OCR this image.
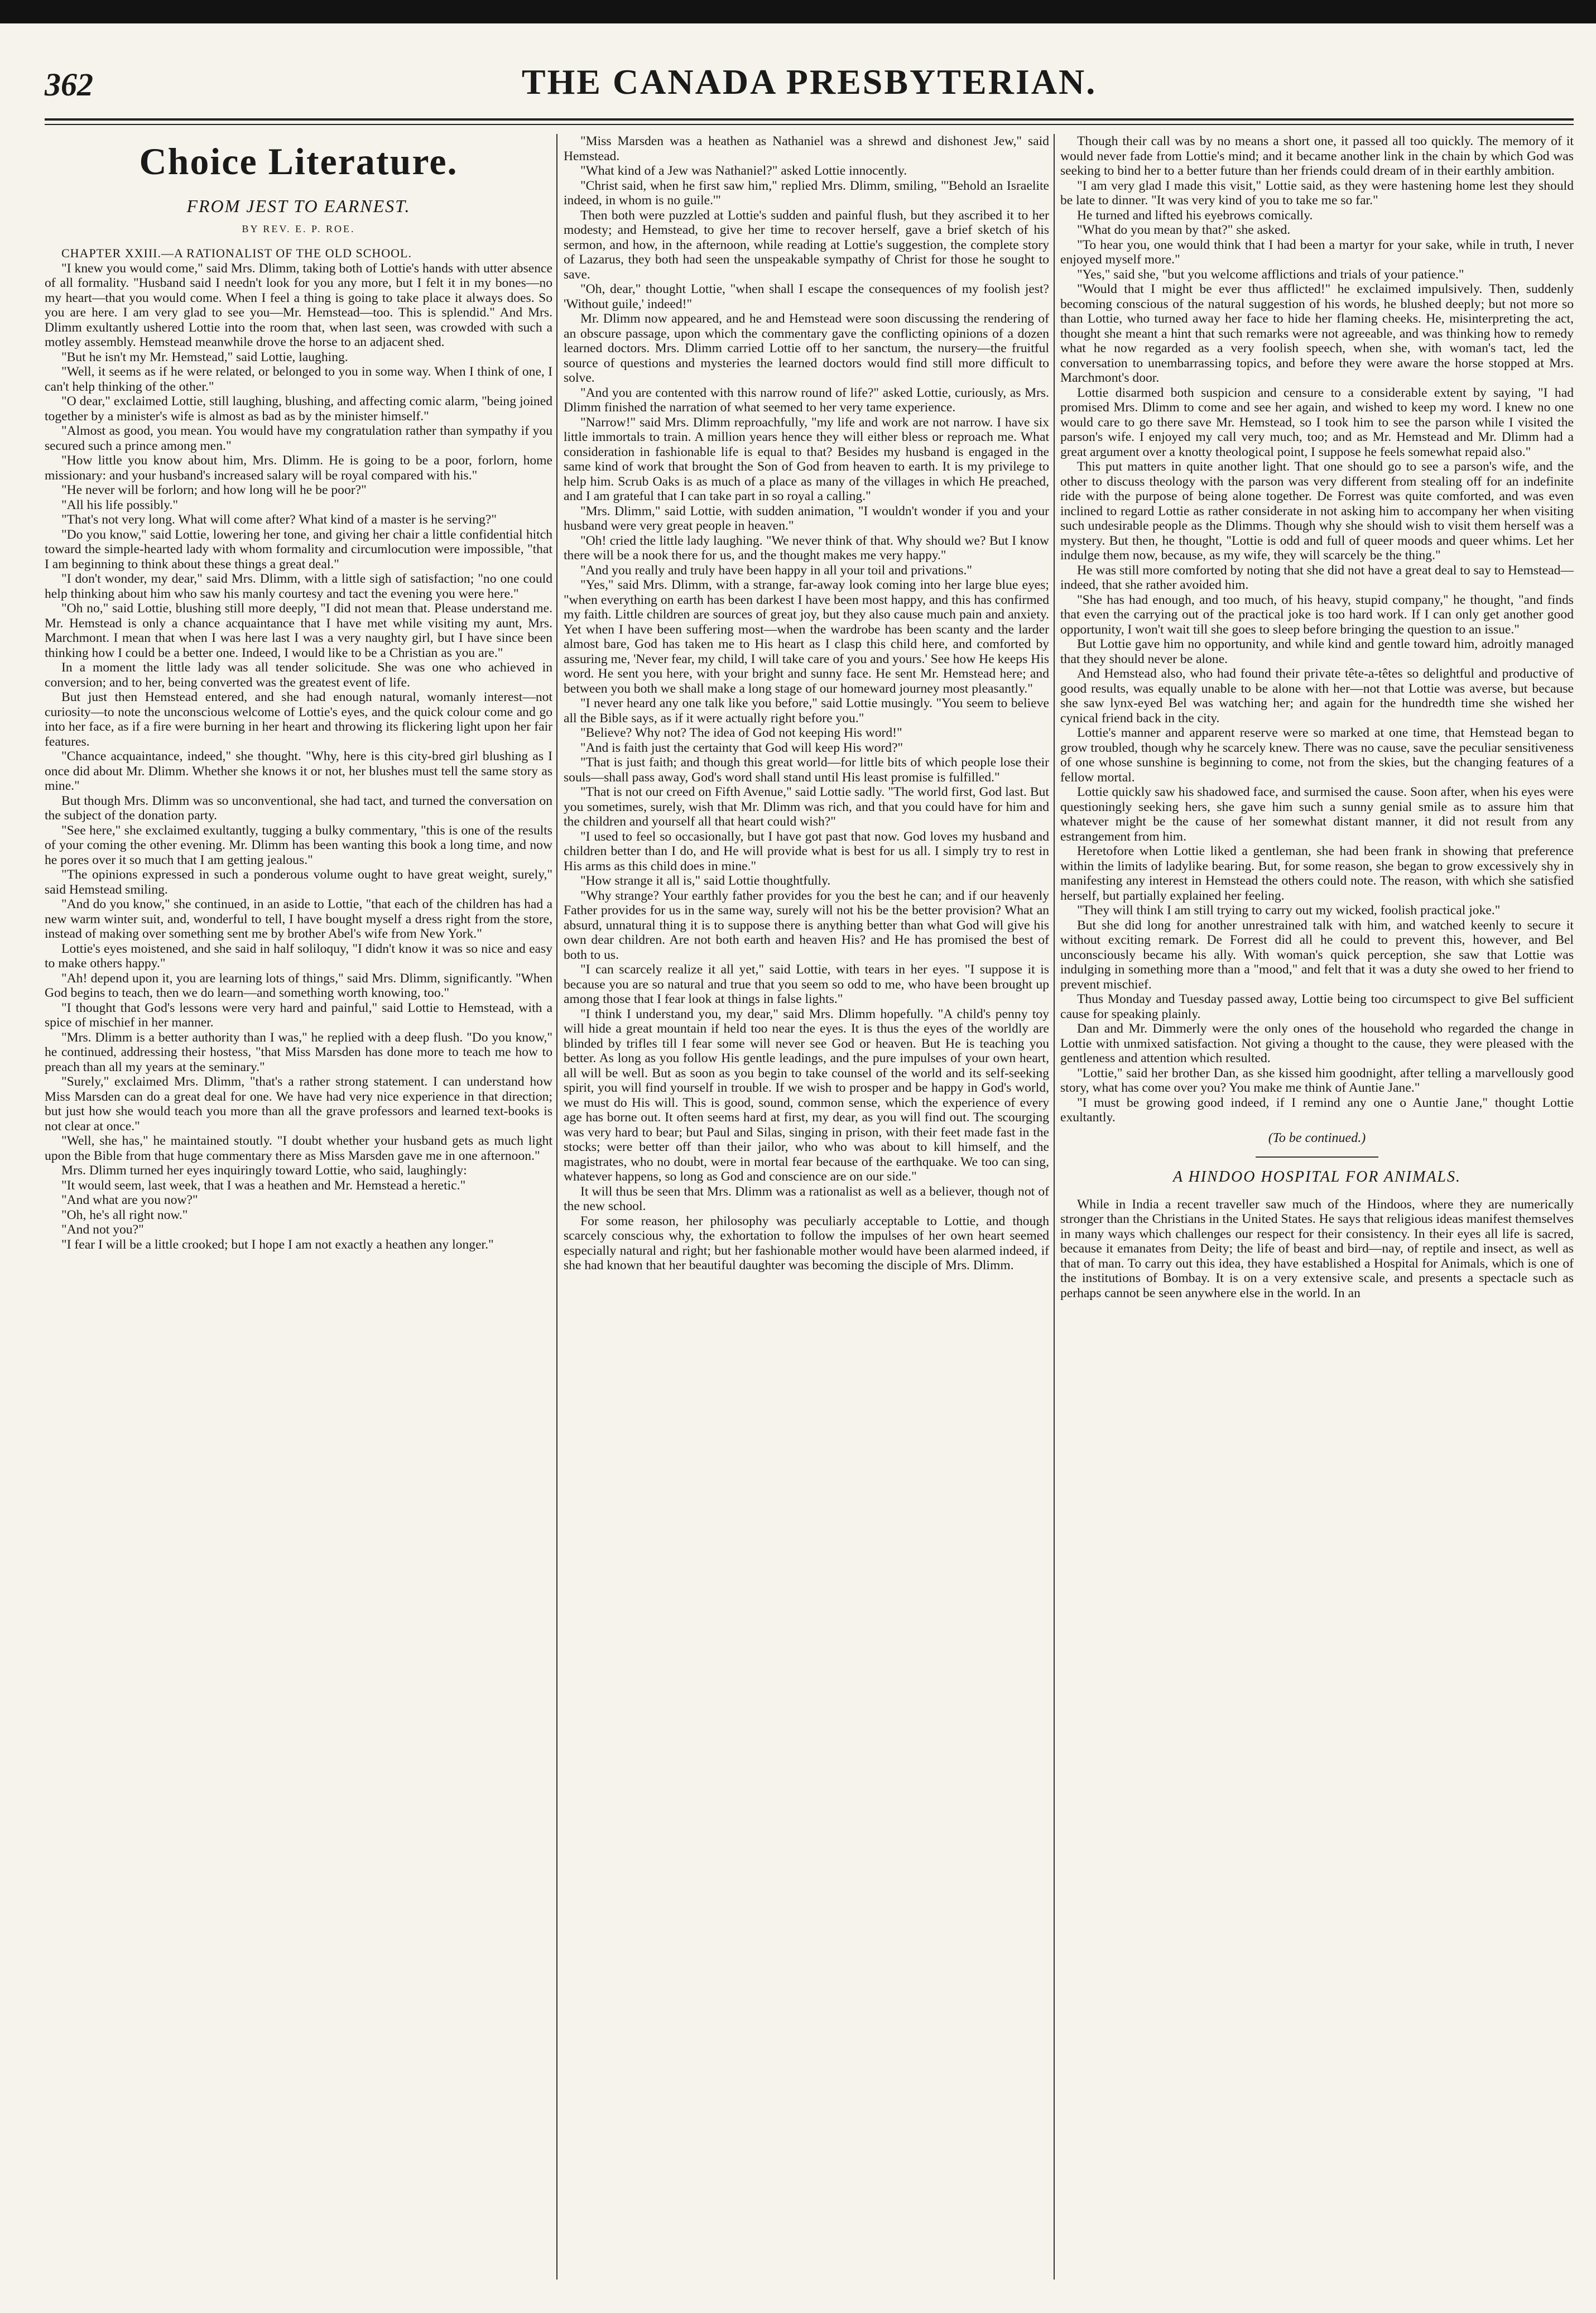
THE CANADA PRESBYTERIAN.
362
Choice Literature.
FROM JEST TO EARNEST.
BY REV. E. P. ROE.

CHAPTER XXIII.—A RATIONALIST OF THE OLD SCHOOL.

"I knew you would come," said Mrs. Dlimm, taking both of Lottie's hands with utter absence of all formality. "Husband said I needn't look for you any more, but I felt it in my bones—no my heart—that you would come. When I feel a thing is going to take place it always does. So you are here. I am very glad to see you—Mr. Hemstead—too. This is splendid." And Mrs. Dlimm exultantly ushered Lottie into the room that, when last seen, was crowded with such a motley assembly. Hemstead meanwhile drove the horse to an adjacent shed.

"But he isn't my Mr. Hemstead," said Lottie, laughing.

"Well, it seems as if he were related, or belonged to you in some way. When I think of one, I can't help thinking of the other."

"O dear," exclaimed Lottie, still laughing, blushing, and affecting comic alarm, "being joined together by a minister's wife is almost as bad as by the minister himself."

"Almost as good, you mean. You would have my congratulation rather than sympathy if you secured such a prince among men."

"How little you know about him, Mrs. Dlimm. He is going to be a poor, forlorn, home missionary: and your husband's increased salary will be royal compared with his."

"He never will be forlorn; and how long will he be poor?"

"All his life possibly."

"That's not very long. What will come after? What kind of a master is he serving?"

"Do you know," said Lottie, lowering her tone, and giving her chair a little confidential hitch toward the simple-hearted lady with whom formality and circumlocution were impossible, "that I am beginning to think about these things a great deal."

"I don't wonder, my dear," said Mrs. Dlimm, with a little sigh of satisfaction; "no one could help thinking about him who saw his manly courtesy and tact the evening you were here."

"Oh no," said Lottie, blushing still more deeply, "I did not mean that. Please understand me. Mr. Hemstead is only a chance acquaintance that I have met while visiting my aunt, Mrs. Marchmont. I mean that when I was here last I was a very naughty girl, but I have since been thinking how I could be a better one. Indeed, I would like to be a Christian as you are."

In a moment the little lady was all tender solicitude. She was one who achieved in conversion; and to her, being converted was the greatest event of life.

But just then Hemstead entered, and she had enough natural, womanly interest—not curiosity—to note the unconscious welcome of Lottie's eyes, and the quick colour come and go into her face, as if a fire were burning in her heart and throwing its flickering light upon her fair features.

"Chance acquaintance, indeed," she thought. "Why, here is this city-bred girl blushing as I once did about Mr. Dlimm. Whether she knows it or not, her blushes must tell the same story as mine."

But though Mrs. Dlimm was so unconventional, she had tact, and turned the conversation on the subject of the donation party.

"See here," she exclaimed exultantly, tugging a bulky commentary, "this is one of the results of your coming the other evening. Mr. Dlimm has been wanting this book a long time, and now he pores over it so much that I am getting jealous."

"The opinions expressed in such a ponderous volume ought to have great weight, surely," said Hemstead smiling.

"And do you know," she continued, in an aside to Lottie, "that each of the children has had a new warm winter suit, and, wonderful to tell, I have bought myself a dress right from the store, instead of making over something sent me by brother Abel's wife from New York."

Lottie's eyes moistened, and she said in half soliloquy, "I didn't know it was so nice and easy to make others happy."

"Ah! depend upon it, you are learning lots of things," said Mrs. Dlimm, significantly. "When God begins to teach, then we do learn—and something worth knowing, too."

"I thought that God's lessons were very hard and painful," said Lottie to Hemstead, with a spice of mischief in her manner.

"Mrs. Dlimm is a better authority than I was," he replied with a deep flush. "Do you know," he continued, addressing their hostess, "that Miss Marsden has done more to teach me how to preach than all my years at the seminary."

"Surely," exclaimed Mrs. Dlimm, "that's a rather strong statement. I can understand how Miss Marsden can do a great deal for one. We have had very nice experience in that direction; but just how she would teach you more than all the grave professors and learned text-books is not clear at once."

"Well, she has," he maintained stoutly. "I doubt whether your husband gets as much light upon the Bible from that huge commentary there as Miss Marsden gave me in one afternoon."

Mrs. Dlimm turned her eyes inquiringly toward Lottie, who said, laughingly:

"It would seem, last week, that I was a heathen and Mr. Hemstead a heretic."

"And what are you now?"

"Oh, he's all right now."

"And not you?"

"I fear I will be a little crooked; but I hope I am not exactly a heathen any longer."

"Miss Marsden was a heathen as Nathaniel was a shrewd and dishonest Jew," said Hemstead.

"What kind of a Jew was Nathaniel?" asked Lottie innocently.

"Christ said, when he first saw him," replied Mrs. Dlimm, smiling, "'Behold an Israelite indeed, in whom is no guile.'"

Then both were puzzled at Lottie's sudden and painful flush, but they ascribed it to her modesty; and Hemstead, to give her time to recover herself, gave a brief sketch of his sermon, and how, in the afternoon, while reading at Lottie's suggestion, the complete story of Lazarus, they both had seen the unspeakable sympathy of Christ for those he sought to save.

"Oh, dear," thought Lottie, "when shall I escape the consequences of my foolish jest? 'Without guile,' indeed!"

Mr. Dlimm now appeared, and he and Hemstead were soon discussing the rendering of an obscure passage, upon which the commentary gave the conflicting opinions of a dozen learned doctors. Mrs. Dlimm carried Lottie off to her sanctum, the nursery—the fruitful source of questions and mysteries the learned doctors would find still more difficult to solve.

"And you are contented with this narrow round of life?" asked Lottie, curiously, as Mrs. Dlimm finished the narration of what seemed to her very tame experience.

"Narrow!" said Mrs. Dlimm reproachfully, "my life and work are not narrow. I have six little immortals to train. A million years hence they will either bless or reproach me. What consideration in fashionable life is equal to that? Besides my husband is engaged in the same kind of work that brought the Son of God from heaven to earth. It is my privilege to help him. Scrub Oaks is as much of a place as many of the villages in which He preached, and I am grateful that I can take part in so royal a calling."

"Mrs. Dlimm," said Lottie, with sudden animation, "I wouldn't wonder if you and your husband were very great people in heaven."

"Oh! cried the little lady laughing. "We never think of that. Why should we? But I know there will be a nook there for us, and the thought makes me very happy."

"And you really and truly have been happy in all your toil and privations."

"Yes," said Mrs. Dlimm, with a strange, far-away look coming into her large blue eyes; "when everything on earth has been darkest I have been most happy, and this has confirmed my faith. Little children are sources of great joy, but they also cause much pain and anxiety. Yet when I have been suffering most—when the wardrobe has been scanty and the larder almost bare, God has taken me to His heart as I clasp this child here, and comforted by assuring me, 'Never fear, my child, I will take care of you and yours.' See how He keeps His word. He sent you here, with your bright and sunny face. He sent Mr. Hemstead here; and between you both we shall make a long stage of our homeward journey most pleasantly."

"I never heard any one talk like you before," said Lottie musingly. "You seem to believe all the Bible says, as if it were actually right before you."

"Believe? Why not? The idea of God not keeping His word!"

"And is faith just the certainty that God will keep His word?"

"That is just faith; and though this great world—for little bits of which people lose their souls—shall pass away, God's word shall stand until His least promise is fulfilled."

"That is not our creed on Fifth Avenue," said Lottie sadly. "The world first, God last. But you sometimes, surely, wish that Mr. Dlimm was rich, and that you could have for him and the children and yourself all that heart could wish?"

"I used to feel so occasionally, but I have got past that now. God loves my husband and children better than I do, and He will provide what is best for us all. I simply try to rest in His arms as this child does in mine."

"How strange it all is," said Lottie thoughtfully.

"Why strange? Your earthly father provides for you the best he can; and if our heavenly Father provides for us in the same way, surely will not his be the better provision? What an absurd, unnatural thing it is to suppose there is anything better than what God will give his own dear children. Are not both earth and heaven His? and He has promised the best of both to us.

"I can scarcely realize it all yet," said Lottie, with tears in her eyes. "I suppose it is because you are so natural and true that you seem so odd to me, who have been brought up among those that I fear look at things in false lights."

"I think I understand you, my dear," said Mrs. Dlimm hopefully. "A child's penny toy will hide a great mountain if held too near the eyes. It is thus the eyes of the worldly are blinded by trifles till I fear some will never see God or heaven. But He is teaching you better. As long as you follow His gentle leadings, and the pure impulses of your own heart, all will be well. But as soon as you begin to take counsel of the world and its self-seeking spirit, you will find yourself in trouble. If we wish to prosper and be happy in God's world, we must do His will. This is good, sound, common sense, which the experience of every age has borne out. It often seems hard at first, my dear, as you will find out. The scourging was very hard to bear; but Paul and Silas, singing in prison, with their feet made fast in the stocks; were better off than their jailor, who who was about to kill himself, and the magistrates, who no doubt, were in mortal fear because of the earthquake. We too can sing, whatever happens, so long as God and conscience are on our side."

It will thus be seen that Mrs. Dlimm was a rationalist as well as a believer, though not of the new school.

For some reason, her philosophy was peculiarly acceptable to Lottie, and though scarcely conscious why, the exhortation to follow the impulses of her own heart seemed especially natural and right; but her fashionable mother would have been alarmed indeed, if she had known that her beautiful daughter was becoming the disciple of Mrs. Dlimm.

Though their call was by no means a short one, it passed all too quickly. The memory of it would never fade from Lottie's mind; and it became another link in the chain by which God was seeking to bind her to a better future than her friends could dream of in their earthly ambition.

"I am very glad I made this visit," Lottie said, as they were hastening home lest they should be late to dinner. "It was very kind of you to take me so far."

He turned and lifted his eyebrows comically.

"What do you mean by that?" she asked.

"To hear you, one would think that I had been a martyr for your sake, while in truth, I never enjoyed myself more."

"Yes," said she, "but you welcome afflictions and trials of your patience."

"Would that I might be ever thus afflicted!" he exclaimed impulsively. Then, suddenly becoming conscious of the natural suggestion of his words, he blushed deeply; but not more so than Lottie, who turned away her face to hide her flaming cheeks. He, misinterpreting the act, thought she meant a hint that such remarks were not agreeable, and was thinking how to remedy what he now regarded as a very foolish speech, when she, with woman's tact, led the conversation to unembarrassing topics, and before they were aware the horse stopped at Mrs. Marchmont's door.

Lottie disarmed both suspicion and censure to a considerable extent by saying, "I had promised Mrs. Dlimm to come and see her again, and wished to keep my word. I knew no one would care to go there save Mr. Hemstead, so I took him to see the parson while I visited the parson's wife. I enjoyed my call very much, too; and as Mr. Hemstead and Mr. Dlimm had a great argument over a knotty theological point, I suppose he feels somewhat repaid also."

This put matters in quite another light. That one should go to see a parson's wife, and the other to discuss theology with the parson was very different from stealing off for an indefinite ride with the purpose of being alone together. De Forrest was quite comforted, and was even inclined to regard Lottie as rather considerate in not asking him to accompany her when visiting such undesirable people as the Dlimms. Though why she should wish to visit them herself was a mystery. But then, he thought, "Lottie is odd and full of queer moods and queer whims. Let her indulge them now, because, as my wife, they will scarcely be the thing."

He was still more comforted by noting that she did not have a great deal to say to Hemstead—indeed, that she rather avoided him.

"She has had enough, and too much, of his heavy, stupid company," he thought, "and finds that even the carrying out of the practical joke is too hard work. If I can only get another good opportunity, I won't wait till she goes to sleep before bringing the question to an issue."

But Lottie gave him no opportunity, and while kind and gentle toward him, adroitly managed that they should never be alone.

And Hemstead also, who had found their private tête-a-têtes so delightful and productive of good results, was equally unable to be alone with her—not that Lottie was averse, but because she saw lynx-eyed Bel was watching her; and again for the hundredth time she wished her cynical friend back in the city.

Lottie's manner and apparent reserve were so marked at one time, that Hemstead began to grow troubled, though why he scarcely knew. There was no cause, save the peculiar sensitiveness of one whose sunshine is beginning to come, not from the skies, but the changing features of a fellow mortal.

Lottie quickly saw his shadowed face, and surmised the cause. Soon after, when his eyes were questioningly seeking hers, she gave him such a sunny genial smile as to assure him that whatever might be the cause of her somewhat distant manner, it did not result from any estrangement from him.

Heretofore when Lottie liked a gentleman, she had been frank in showing that preference within the limits of ladylike bearing. But, for some reason, she began to grow excessively shy in manifesting any interest in Hemstead the others could note. The reason, with which she satisfied herself, but partially explained her feeling.

"They will think I am still trying to carry out my wicked, foolish practical joke."

But she did long for another unrestrained talk with him, and watched keenly to secure it without exciting remark. De Forrest did all he could to prevent this, however, and Bel unconsciously became his ally. With woman's quick perception, she saw that Lottie was indulging in something more than a "mood," and felt that it was a duty she owed to her friend to prevent mischief.

Thus Monday and Tuesday passed away, Lottie being too circumspect to give Bel sufficient cause for speaking plainly.

Dan and Mr. Dimmerly were the only ones of the household who regarded the change in Lottie with unmixed satisfaction. Not giving a thought to the cause, they were pleased with the gentleness and attention which resulted.

"Lottie," said her brother Dan, as she kissed him goodnight, after telling a marvellously good story, what has come over you? You make me think of Auntie Jane."

"I must be growing good indeed, if I remind any one o Auntie Jane," thought Lottie exultantly.

(To be continued.)
A HINDOO HOSPITAL FOR ANIMALS.

While in India a recent traveller saw much of the Hindoos, where they are numerically stronger than the Christians in the United States. He says that religious ideas manifest themselves in many ways which challenges our respect for their consistency. In their eyes all life is sacred, because it emanates from Deity; the life of beast and bird—nay, of reptile and insect, as well as that of man. To carry out this idea, they have established a Hospital for Animals, which is one of the institutions of Bombay. It is on a very extensive scale, and presents a spectacle such as perhaps cannot be seen anywhere else in the world. In an
